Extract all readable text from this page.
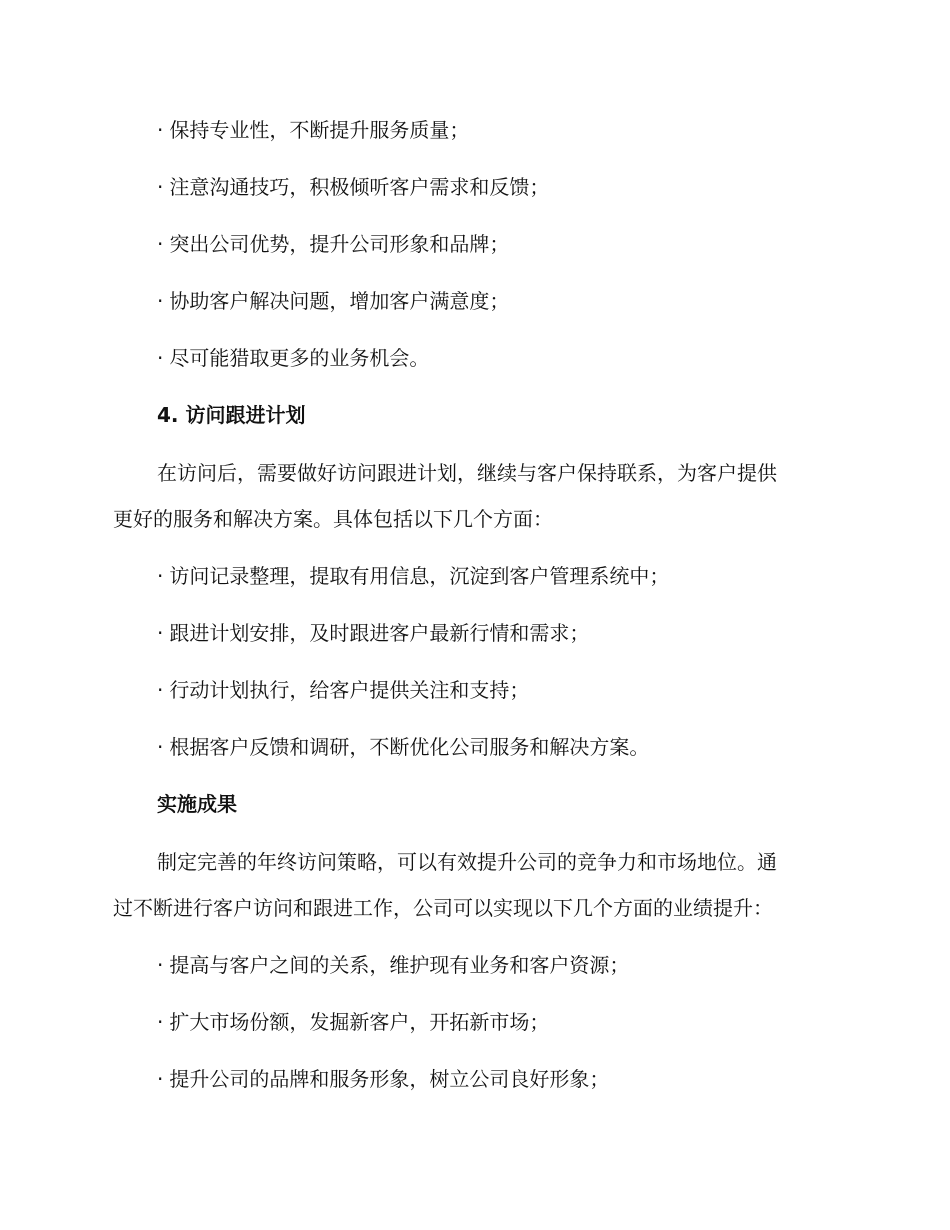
· 保持专业性，不断提升服务质量；
· 注意沟通技巧，积极倾听客户需求和反馈；
· 突出公司优势，提升公司形象和品牌；
· 协助客户解决问题，增加客户满意度；
· 尽可能猎取更多的业务机会。
4. 访问跟进计划
在访问后，需要做好访问跟进计划，继续与客户保持联系，为客户提供
更好的服务和解决方案。具体包括以下几个方面：
· 访问记录整理，提取有用信息，沉淀到客户管理系统中；
· 跟进计划安排，及时跟进客户最新行情和需求；
· 行动计划执行，给客户提供关注和支持；
· 根据客户反馈和调研，不断优化公司服务和解决方案。
实施成果
制定完善的年终访问策略，可以有效提升公司的竞争力和市场地位。通
过不断进行客户访问和跟进工作，公司可以实现以下几个方面的业绩提升：
· 提高与客户之间的关系，维护现有业务和客户资源；
· 扩大市场份额，发掘新客户，开拓新市场；
· 提升公司的品牌和服务形象，树立公司良好形象；
